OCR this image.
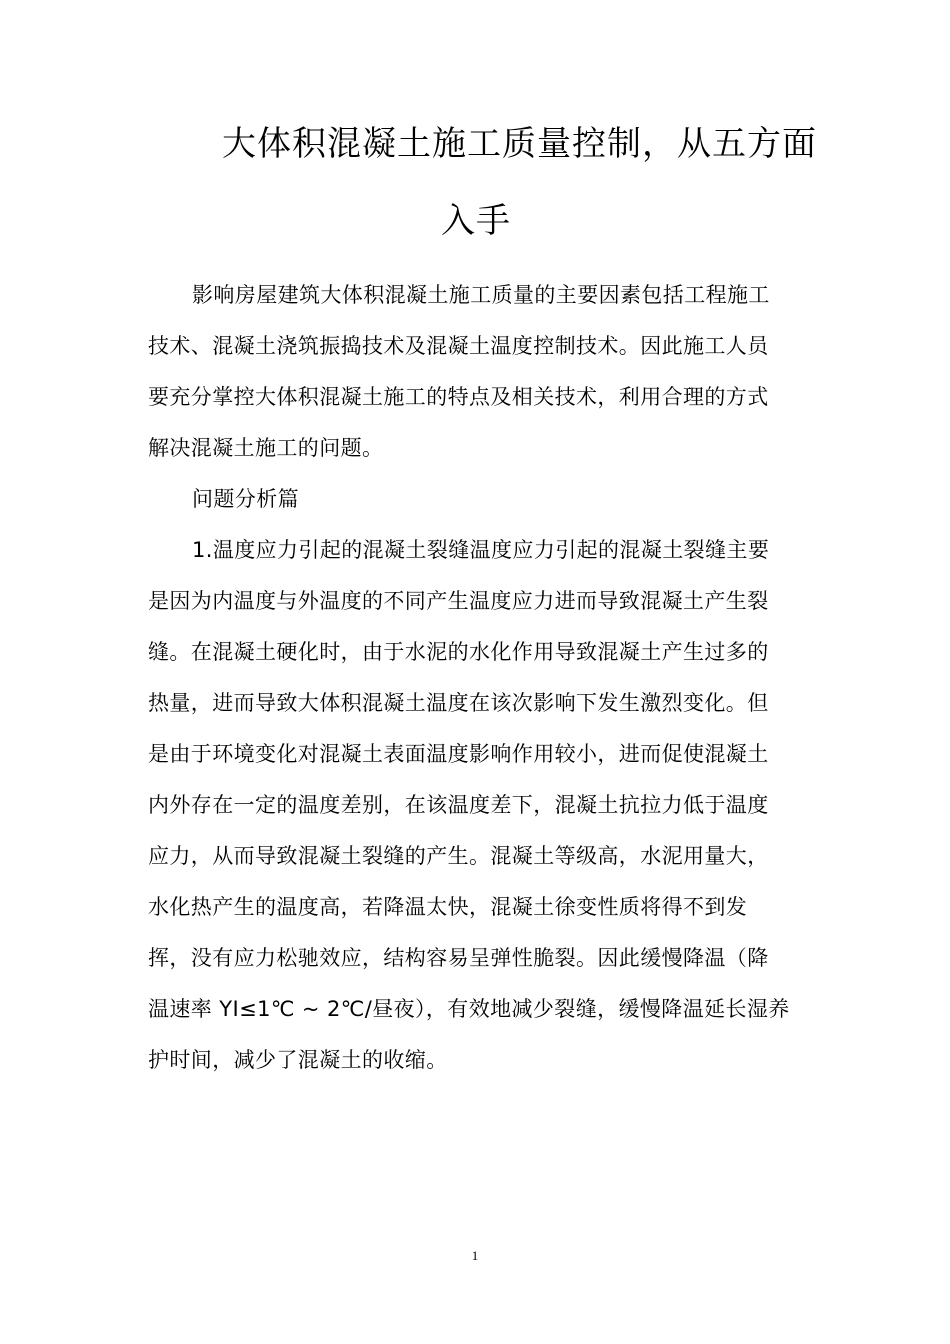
大体积混凝土施工质量控制，从五方面
入手
影响房屋建筑大体积混凝土施工质量的主要因素包括工程施工
技术、混凝土浇筑振捣技术及混凝土温度控制技术。因此施工人员
要充分掌控大体积混凝土施工的特点及相关技术，利用合理的方式
解决混凝土施工的问题。
问题分析篇
1.温度应力引起的混凝土裂缝温度应力引起的混凝土裂缝主要
是因为内温度与外温度的不同产生温度应力进而导致混凝土产生裂
缝。在混凝土硬化时，由于水泥的水化作用导致混凝土产生过多的
热量，进而导致大体积混凝土温度在该次影响下发生激烈变化。但
是由于环境变化对混凝土表面温度影响作用较小，进而促使混凝土
内外存在一定的温度差别，在该温度差下，混凝土抗拉力低于温度
应力，从而导致混凝土裂缝的产生。混凝土等级高，水泥用量大，
水化热产生的温度高，若降温太快，混凝土徐变性质将得不到发
挥，没有应力松驰效应，结构容易呈弹性脆裂。因此缓慢降温（降
温速率 YI≤1℃ ~ 2℃/昼夜），有效地减少裂缝，缓慢降温延长湿养
护时间，减少了混凝土的收缩。
1
